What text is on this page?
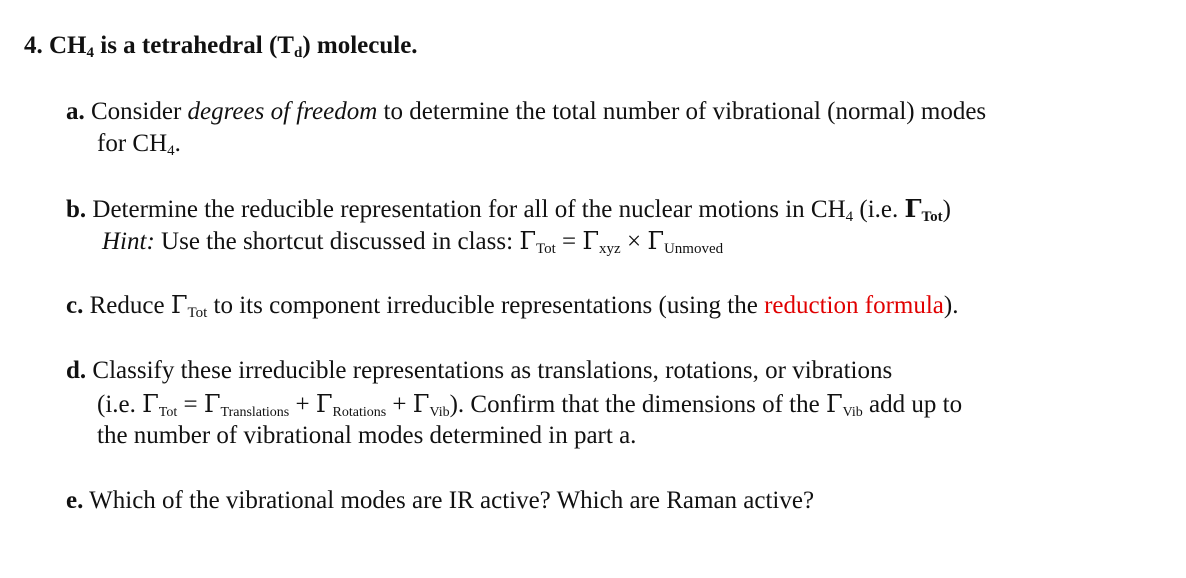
4. CH4 is a tetrahedral (Td) molecule.
a. Consider degrees of freedom to determine the total number of vibrational (normal) modes
for CH4.
b. Determine the reducible representation for all of the nuclear motions in CH4 (i.e. ΓTot)
Hint: Use the shortcut discussed in class: ΓTot = Γxyz × ΓUnmoved
c. Reduce ΓTot to its component irreducible representations (using the reduction formula).
d. Classify these irreducible representations as translations, rotations, or vibrations
(i.e. ΓTot = ΓTranslations + ΓRotations + ΓVib). Confirm that the dimensions of the ΓVib add up to
the number of vibrational modes determined in part a.
e. Which of the vibrational modes are IR active? Which are Raman active?
